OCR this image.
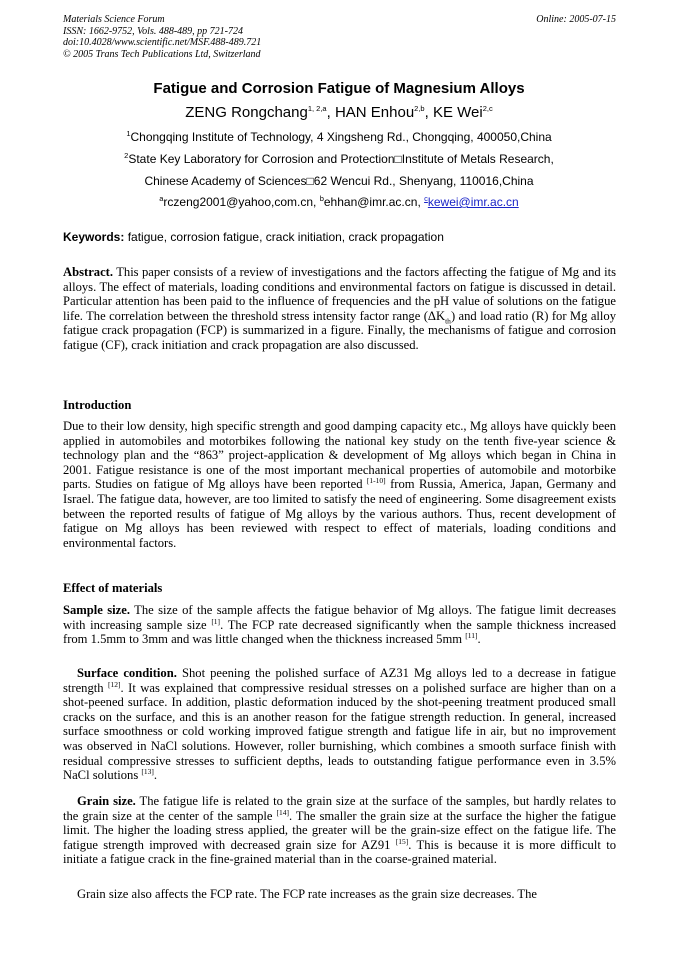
Materials Science Forum
ISSN: 1662-9752, Vols. 488-489, pp 721-724
doi:10.4028/www.scientific.net/MSF.488-489.721
© 2005 Trans Tech Publications Ltd, Switzerland
Online: 2005-07-15
Fatigue and Corrosion Fatigue of Magnesium Alloys
ZENG Rongchang$^{1, 2,a}$, HAN Enhou$^{2,b}$, KE Wei$^{2,c}$
$^1$Chongqing Institute of Technology, 4 Xingsheng Rd., Chongqing, 400050,China
$^2$State Key Laboratory for Corrosion and Protection□Institute of Metals Research,
Chinese Academy of Sciences□62 Wencui Rd., Shenyang, 110016,China
$^a$rczeng2001@yahoo,com.cn, $^b$ehhan@imr.ac.cn, $^c$kewei@imr.ac.cn
Keywords: fatigue, corrosion fatigue, crack initiation, crack propagation
Abstract. This paper consists of a review of investigations and the factors affecting the fatigue of Mg and its alloys. The effect of materials, loading conditions and environmental factors on fatigue is discussed in detail. Particular attention has been paid to the influence of frequencies and the pH value of solutions on the fatigue life. The correlation between the threshold stress intensity factor range $(\Delta K_{th})$ and load ratio (R) for Mg alloy fatigue crack propagation (FCP) is summarized in a figure. Finally, the mechanisms of fatigue and corrosion fatigue (CF), crack initiation and crack propagation are also discussed.
Introduction
Due to their low density, high specific strength and good damping capacity etc., Mg alloys have quickly been applied in automobiles and motorbikes following the national key study on the tenth five-year science & technology plan and the “863” project-application & development of Mg alloys which began in China in 2001. Fatigue resistance is one of the most important mechanical properties of automobile and motorbike parts. Studies on fatigue of Mg alloys have been reported [1-10] from Russia, America, Japan, Germany and Israel. The fatigue data, however, are too limited to satisfy the need of engineering. Some disagreement exists between the reported results of fatigue of Mg alloys by the various authors. Thus, recent development of fatigue on Mg alloys has been reviewed with respect to effect of materials, loading conditions and environmental factors.
Effect of materials
Sample size. The size of the sample affects the fatigue behavior of Mg alloys. The fatigue limit decreases with increasing sample size [1]. The FCP rate decreased significantly when the sample thickness increased from 1.5mm to 3mm and was little changed when the thickness increased 5mm [11].
Surface condition. Shot peening the polished surface of AZ31 Mg alloys led to a decrease in fatigue strength [12]. It was explained that compressive residual stresses on a polished surface are higher than on a shot-peened surface. In addition, plastic deformation induced by the shot-peening treatment produced small cracks on the surface, and this is an another reason for the fatigue strength reduction. In general, increased surface smoothness or cold working improved fatigue strength and fatigue life in air, but no improvement was observed in NaCl solutions. However, roller burnishing, which combines a smooth surface finish with residual compressive stresses to sufficient depths, leads to outstanding fatigue performance even in 3.5% NaCl solutions [13].
Grain size. The fatigue life is related to the grain size at the surface of the samples, but hardly relates to the grain size at the center of the sample [14]. The smaller the grain size at the surface the higher the fatigue limit. The higher the loading stress applied, the greater will be the grain-size effect on the fatigue life. The fatigue strength improved with decreased grain size for AZ91 [15]. This is because it is more difficult to initiate a fatigue crack in the fine-grained material than in the coarse-grained material.
Grain size also affects the FCP rate. The FCP rate increases as the grain size decreases. The
